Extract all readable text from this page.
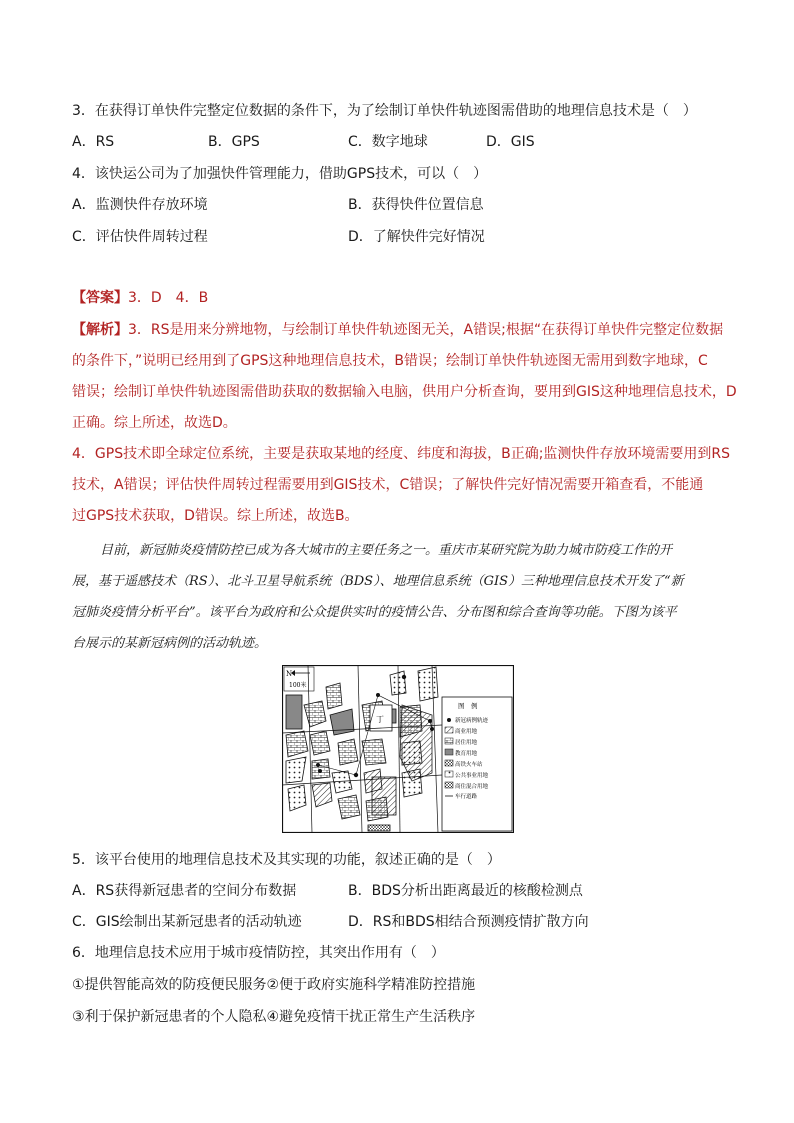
3．在获得订单快件完整定位数据的条件下，为了绘制订单快件轨迹图需借助的地理信息技术是（　）
A．RS	B．GPS	C．数字地球	D．GIS
4．该快运公司为了加强快件管理能力，借助GPS技术，可以（　）
A．监测快件存放环境	B．获得快件位置信息
C．评估快件周转过程	D．了解快件完好情况
【答案】3．D　4．B
【解析】3．RS是用来分辨地物，与绘制订单快件轨迹图无关，A错误;根据“在获得订单快件完整定位数据
的条件下，”说明已经用到了GPS这种地理信息技术，B错误；绘制订单快件轨迹图无需用到数字地球，C
错误；绘制订单快件轨迹图需借助获取的数据输入电脑，供用户分析查询，要用到GIS这种地理信息技术，D
正确。综上所述，故选D。
4．GPS技术即全球定位系统，主要是获取某地的经度、纬度和海拔，B正确;监测快件存放环境需要用到RS
技术，A错误；评估快件周转过程需要用到GIS技术，C错误；了解快件完好情况需要开箱查看，不能通
过GPS技术获取，D错误。综上所述，故选B。
目前，新冠肺炎疫情防控已成为各大城市的主要任务之一。重庆市某研究院为助力城市防疫工作的开
展，基于遥感技术（RS）、北斗卫星导航系统（BDS）、地理信息系统（GIS）三种地理信息技术开发了“新
冠肺炎疫情分析平台”。该平台为政府和公众提供实时的疫情公告、分布图和综合查询等功能。下图为该平
台展示的某新冠病例的活动轨迹。
N
100米
丁
图　例
新冠病例轨迹
商业用地
居住用地
教育用地
高铁火车站
公共事业用地
商住混合用地
车行道路
5．该平台使用的地理信息技术及其实现的功能，叙述正确的是（　）
A．RS获得新冠患者的空间分布数据	B．BDS分析出距离最近的核酸检测点
C．GIS绘制出某新冠患者的活动轨迹	D．RS和BDS相结合预测疫情扩散方向
6．地理信息技术应用于城市疫情防控，其突出作用有（　）
①提供智能高效的防疫便民服务②便于政府实施科学精准防控措施
③利于保护新冠患者的个人隐私④避免疫情干扰正常生产生活秩序
